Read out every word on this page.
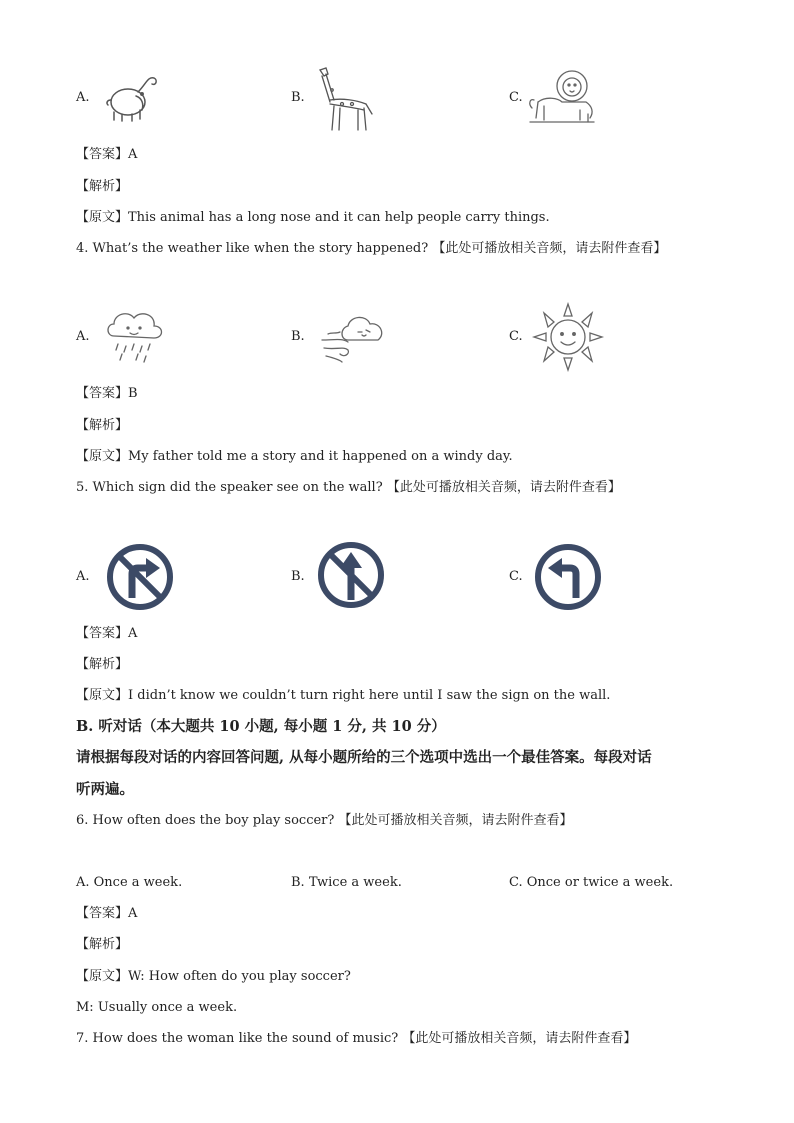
A.	B.	C.
【答案】A
【解析】
【原文】This animal has a long nose and it can help people carry things.
4. What’s the weather like when the story happened? 【此处可播放相关音频，请去附件查看】
A.	B.	C.
【答案】B
【解析】
【原文】My father told me a story and it happened on a windy day.
5. Which sign did the speaker see on the wall? 【此处可播放相关音频，请去附件查看】
A.	B.	C.
【答案】A
【解析】
【原文】I didn’t know we couldn’t turn right here until I saw the sign on the wall.
B. 听对话（本大题共 10 小题, 每小题 1 分, 共 10 分）
请根据每段对话的内容回答问题, 从每小题所给的三个选项中选出一个最佳答案。每段对话
听两遍。
6. How often does the boy play soccer? 【此处可播放相关音频，请去附件查看】
A. Once a week.	B. Twice a week.	C. Once or twice a week.
【答案】A
【解析】
【原文】W: How often do you play soccer?
M: Usually once a week.
7. How does the woman like the sound of music? 【此处可播放相关音频，请去附件查看】
